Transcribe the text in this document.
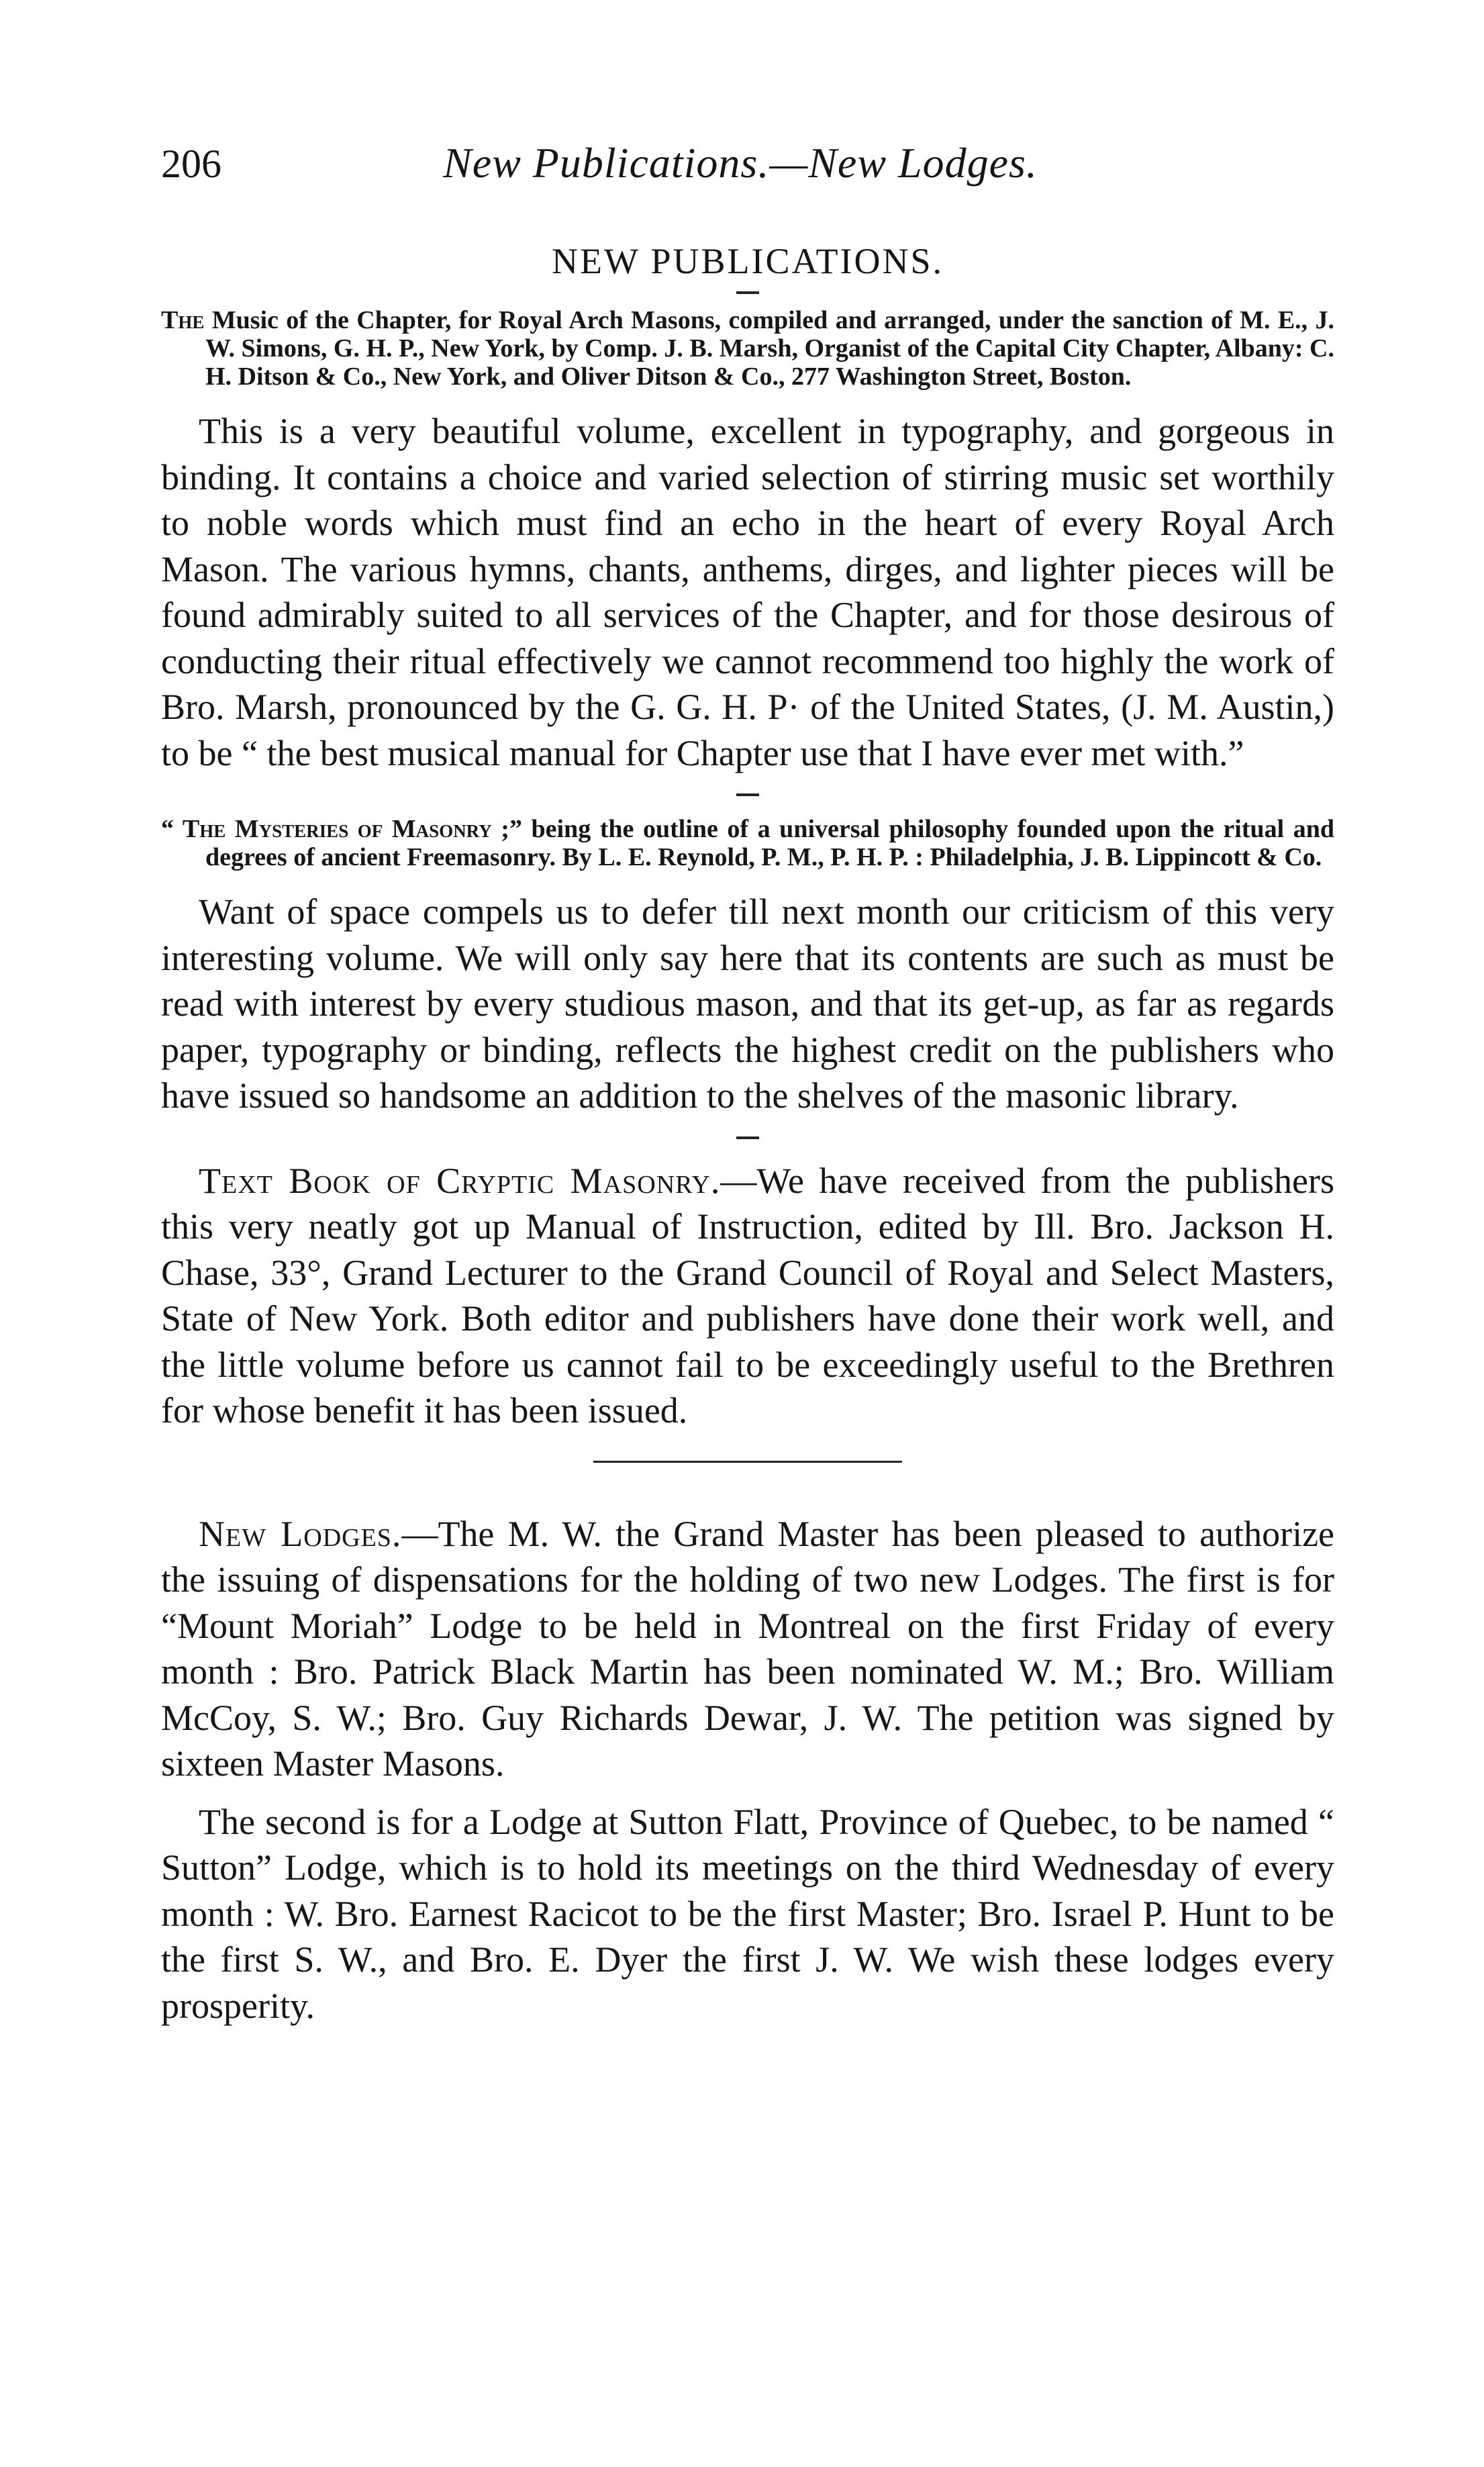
206	New Publications.—New Lodges.
NEW PUBLICATIONS.

The Music of the Chapter, for Royal Arch Masons, compiled and arranged, under the sanction of M. E., J. W. Simons, G. H. P., New York, by Comp. J. B. Marsh, Organist of the Capital City Chapter, Albany: C. H. Ditson & Co., New York, and Oliver Ditson & Co., 277 Washington Street, Boston.

This is a very beautiful volume, excellent in typography, and gorgeous in binding. It contains a choice and varied selection of stirring music set worthily to noble words which must find an echo in the heart of every Royal Arch Mason. The various hymns, chants, anthems, dirges, and lighter pieces will be found admirably suited to all services of the Chapter, and for those desirous of conducting their ritual effectively we cannot recommend too highly the work of Bro. Marsh, pronounced by the G. G. H. P· of the United States, (J. M. Austin,) to be “ the best musical manual for Chapter use that I have ever met with.”

“ The Mysteries of Masonry ;” being the outline of a universal philosophy founded upon the ritual and degrees of ancient Freemasonry. By L. E. Reynold, P. M., P. H. P. : Philadelphia, J. B. Lippincott & Co.

Want of space compels us to defer till next month our criticism of this very interesting volume. We will only say here that its contents are such as must be read with interest by every studious mason, and that its get-up, as far as regards paper, typography or binding, reflects the highest credit on the publishers who have issued so handsome an addition to the shelves of the masonic library.

Text Book of Cryptic Masonry.—We have received from the publishers this very neatly got up Manual of Instruction, edited by Ill. Bro. Jackson H. Chase, 33°, Grand Lecturer to the Grand Council of Royal and Select Masters, State of New York. Both editor and publishers have done their work well, and the little volume before us cannot fail to be exceedingly useful to the Brethren for whose benefit it has been issued.

New Lodges.—The M. W. the Grand Master has been pleased to authorize the issuing of dispensations for the holding of two new Lodges. The first is for “Mount Moriah” Lodge to be held in Montreal on the first Friday of every month : Bro. Patrick Black Martin has been nominated W. M.; Bro. William McCoy, S. W.; Bro. Guy Richards Dewar, J. W. The petition was signed by sixteen Master Masons.

The second is for a Lodge at Sutton Flatt, Province of Quebec, to be named “ Sutton” Lodge, which is to hold its meetings on the third Wednesday of every month : W. Bro. Earnest Racicot to be the first Master; Bro. Israel P. Hunt to be the first S. W., and Bro. E. Dyer the first J. W. We wish these lodges every prosperity.
